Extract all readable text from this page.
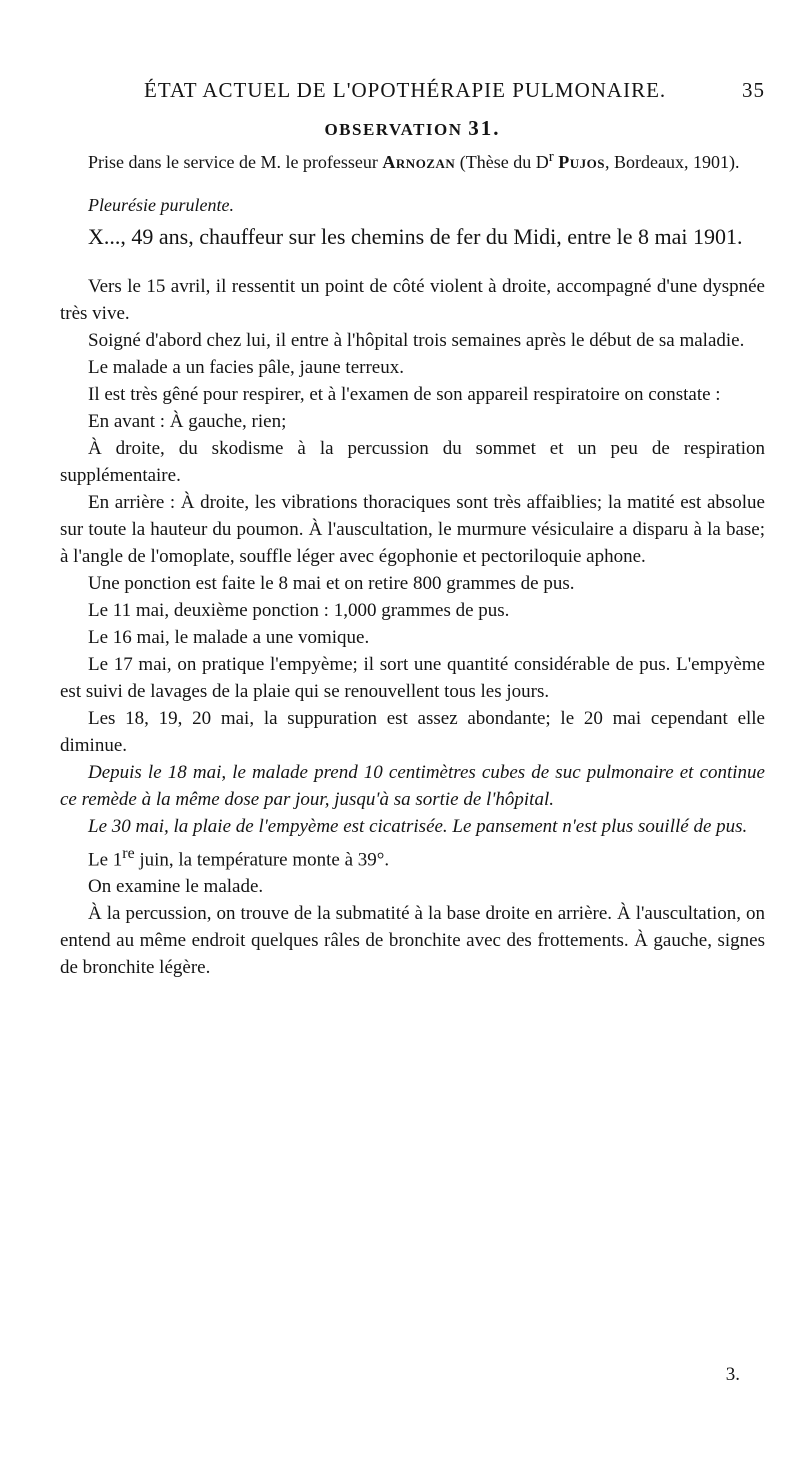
ÉTAT ACTUEL DE L'OPOTHÉRAPIE PULMONAIRE.	35
OBSERVATION 31.

Prise dans le service de M. le professeur Arnozan (Thèse du $D^r$ Pujos, Bordeaux, 1901).

Pleurésie purulente.

X..., 49 ans, chauffeur sur les chemins de fer du Midi, entre le 8 mai 1901.

Vers le 15 avril, il ressentit un point de côté violent à droite, accompagné d'une dyspnée très vive.

Soigné d'abord chez lui, il entre à l'hôpital trois semaines après le début de sa maladie.

Le malade a un facies pâle, jaune terreux.

Il est très gêné pour respirer, et à l'examen de son appareil respiratoire on constate :

En avant : À gauche, rien;

À droite, du skodisme à la percussion du sommet et un peu de respiration supplémentaire.

En arrière : À droite, les vibrations thoraciques sont très affaiblies; la matité est absolue sur toute la hauteur du poumon. À l'auscultation, le murmure vésiculaire a disparu à la base; à l'angle de l'omoplate, souffle léger avec égophonie et pectoriloquie aphone.

Une ponction est faite le 8 mai et on retire 800 grammes de pus.

Le 11 mai, deuxième ponction : 1,000 grammes de pus.

Le 16 mai, le malade a une vomique.

Le 17 mai, on pratique l'empyème; il sort une quantité considérable de pus. L'empyème est suivi de lavages de la plaie qui se renouvellent tous les jours.

Les 18, 19, 20 mai, la suppuration est assez abondante; le 20 mai cependant elle diminue.

Depuis le 18 mai, le malade prend 10 centimètres cubes de suc pulmonaire et continue ce remède à la même dose par jour, jusqu'à sa sortie de l'hôpital.

Le 30 mai, la plaie de l'empyème est cicatrisée. Le pansement n'est plus souillé de pus.

Le 1re juin, la température monte à 39°.

On examine le malade.

À la percussion, on trouve de la submatité à la base droite en arrière. À l'auscultation, on entend au même endroit quelques râles de bronchite avec des frottements. À gauche, signes de bronchite légère.

3.
